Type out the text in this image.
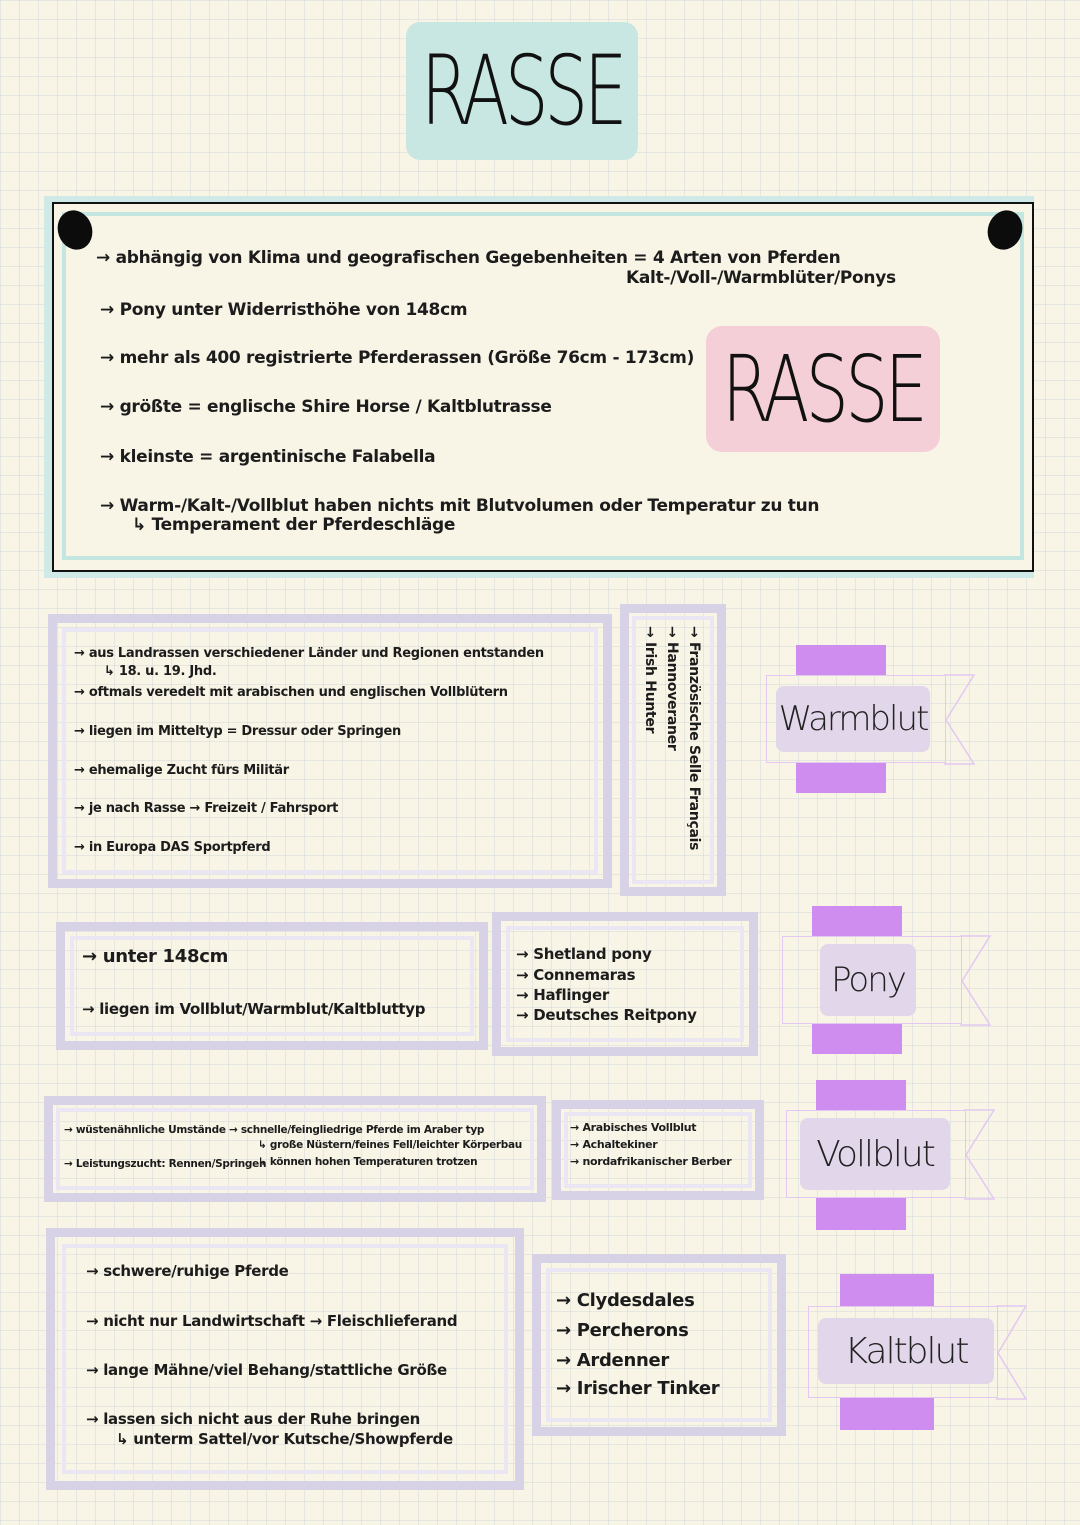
RASSE
→ abhängig von Klima und geografischen Gegebenheiten = 4 Arten von Pferden
Kalt-/Voll-/Warmblüter/Ponys
→ Pony unter Widerristhöhe von 148cm
→ mehr als 400 registrierte Pferderassen (Größe 76cm - 173cm)
→ größte = englische Shire Horse / Kaltblutrasse
→ kleinste = argentinische Falabella
→ Warm-/Kalt-/Vollblut haben nichts mit Blutvolumen oder Temperatur zu tun
↳ Temperament der Pferdeschläge
RASSE
→ aus Landrassen verschiedener Länder und Regionen entstanden
↳ 18. u. 19. Jhd.
→ oftmals veredelt mit arabischen und englischen Vollblütern
→ liegen im Mitteltyp = Dressur oder Springen
→ ehemalige Zucht fürs Militär
→ je nach Rasse → Freizeit / Fahrsport
→ in Europa DAS Sportpferd	→ Französische Selle Français
→ Hannoveraner
→ Irish Hunter	Warmblut
→ unter 148cm
→ liegen im Vollblut/Warmblut/Kaltbluttyp
→ Shetland pony
→ Connemaras
→ Haflinger
→ Deutsches Reitpony
Pony
→ wüstenähnliche Umstände → schnelle/feingliedrige Pferde im Araber typ
↳ große Nüstern/feines Fell/leichter Körperbau
→ Leistungszucht: Rennen/Springen
↳ können hohen Temperaturen trotzen
→ Arabisches Vollblut
→ Achaltekiner
→ nordafrikanischer Berber	Vollblut
→ schwere/ruhige Pferde
→ nicht nur Landwirtschaft → Fleischlieferand
→ lange Mähne/viel Behang/stattliche Größe
→ lassen sich nicht aus der Ruhe bringen
↳ unterm Sattel/vor Kutsche/Showpferde
→ Clydesdales
→ Percherons
→ Ardenner
→ Irischer Tinker
Kaltblut
